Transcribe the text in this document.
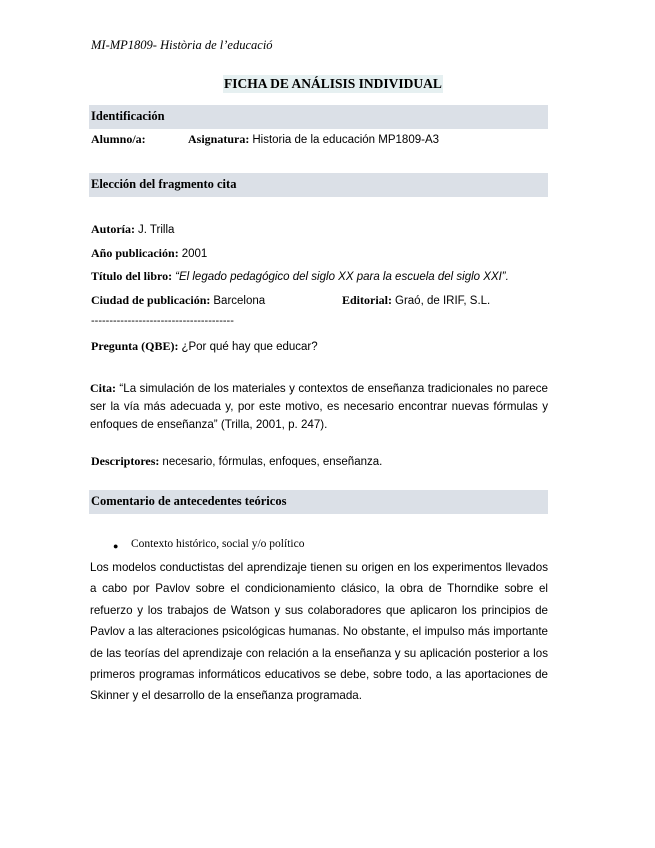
MI-MP1809- Història de l’educació
FICHA DE ANÁLISIS INDIVIDUAL
Identificación
Alumno/a:	Asignatura: Historia de la educación MP1809-A3
Elección del fragmento cita
Autoría: J. Trilla
Año publicación: 2001
Título del libro: “El legado pedagógico del siglo XX para la escuela del siglo XXI”.
Ciudad de publicación: Barcelona	Editorial: Graó, de IRIF, S.L.
---------------------------------------
Pregunta (QBE): ¿Por qué hay que educar?
Cita: “La simulación de los materiales y contextos de enseñanza tradicionales no parece ser la vía más adecuada y, por este motivo, es necesario encontrar nuevas fórmulas y enfoques de enseñanza” (Trilla, 2001, p. 247).
Descriptores: necesario, fórmulas, enfoques, enseñanza.
Comentario de antecedentes teóricos
● Contexto histórico, social y/o político
Los modelos conductistas del aprendizaje tienen su origen en los experimentos llevados a cabo por Pavlov sobre el condicionamiento clásico, la obra de Thorndike sobre el refuerzo y los trabajos de Watson y sus colaboradores que aplicaron los principios de Pavlov a las alteraciones psicológicas humanas. No obstante, el impulso más importante de las teorías del aprendizaje con relación a la enseñanza y su aplicación posterior a los primeros programas informáticos educativos se debe, sobre todo, a las aportaciones de Skinner y el desarrollo de la enseñanza programada.
